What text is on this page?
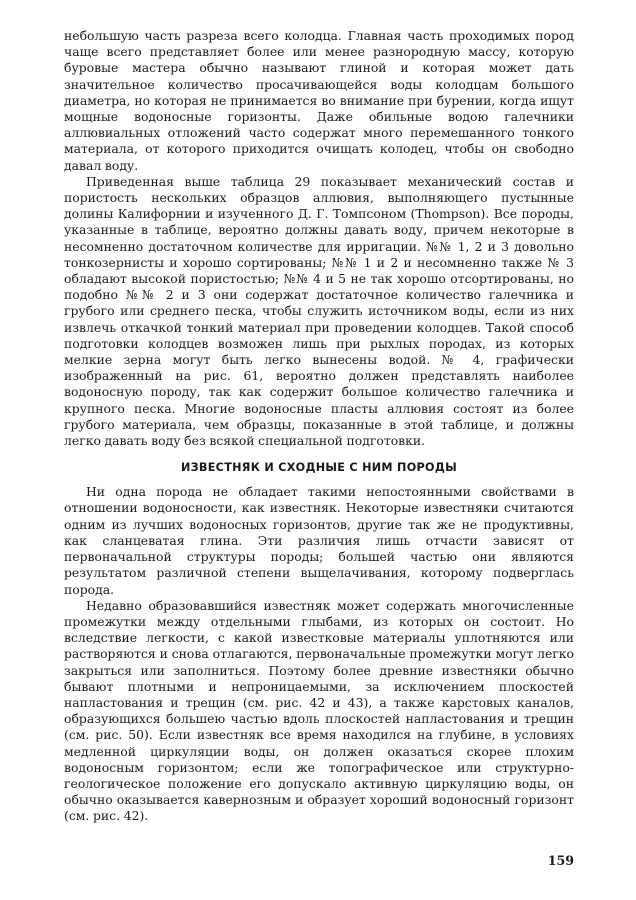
небольшую часть разреза всего колодца. Главная часть проходимых пород чаще всего представляет более или менее разнородную массу, которую буровые мастера обычно называют глиной и которая может дать значительное количество просачивающейся воды колодцам большого диаметра, но которая не принимается во внимание при бурении, когда ищут мощные водоносные горизонты. Даже обильные водою галечники аллювиальных отложений часто содержат много перемешанного тонкого материала, от которого приходится очищать колодец, чтобы он свободно давал воду.

Приведенная выше таблица 29 показывает механический состав и пористость нескольких образцов аллювия, выполняющего пустынные долины Калифорнии и изученного Д. Г. Томпсоном (Thompson). Все породы, указанные в таблице, вероятно должны давать воду, причем некоторые в несомненно достаточном количестве для ирригации. №№ 1, 2 и 3 довольно тонкозернисты и хорошо сортированы; №№ 1 и 2 и несомненно также № 3 обладают высокой пористостью; №№ 4 и 5 не так хорошо отсортированы, но подобно №№ 2 и 3 они содержат достаточное количество галечника и грубого или среднего песка, чтобы служить источником воды, если из них извлечь откачкой тонкий материал при проведении колодцев. Такой способ подготовки колодцев возможен лишь при рыхлых породах, из которых мелкие зерна могут быть легко вынесены водой. № 4, графически изображенный на рис. 61, вероятно должен представлять наиболее водоносную породу, так как содержит большое количество галечника и крупного песка. Многие водоносные пласты аллювия состоят из более грубого материала, чем образцы, показанные в этой таблице, и должны легко давать воду без всякой специальной подготовки.

ИЗВЕСТНЯК И СХОДНЫЕ С НИМ ПОРОДЫ

Ни одна порода не обладает такими непостоянными свойствами в отношении водоносности, как известняк. Некоторые известняки считаются одним из лучших водоносных горизонтов, другие так же не продуктивны, как сланцеватая глина. Эти различия лишь отчасти зависят от первоначальной структуры породы; большей частью они являются результатом различной степени выщелачивания, которому подверглась порода.

Недавно образовавшийся известняк может содержать многочисленные промежутки между отдельными глыбами, из которых он состоит. Но вследствие легкости, с какой известковые материалы уплотняются или растворяются и снова отлагаются, первоначальные промежутки могут легко закрыться или заполниться. Поэтому более древние известняки обычно бывают плотными и непроницаемыми, за исключением плоскостей напластования и трещин (см. рис. 42 и 43), а также карстовых каналов, образующихся большею частью вдоль плоскостей напластования и трещин (см. рис. 50). Если известняк все время находился на глубине, в условиях медленной циркуляции воды, он должен оказаться скорее плохим водоносным горизонтом; если же топографическое или структурно-геологическое положение его допускало активную циркуляцию воды, он обычно оказывается кавернозным и образует хороший водоносный горизонт (см. рис. 42).

159
